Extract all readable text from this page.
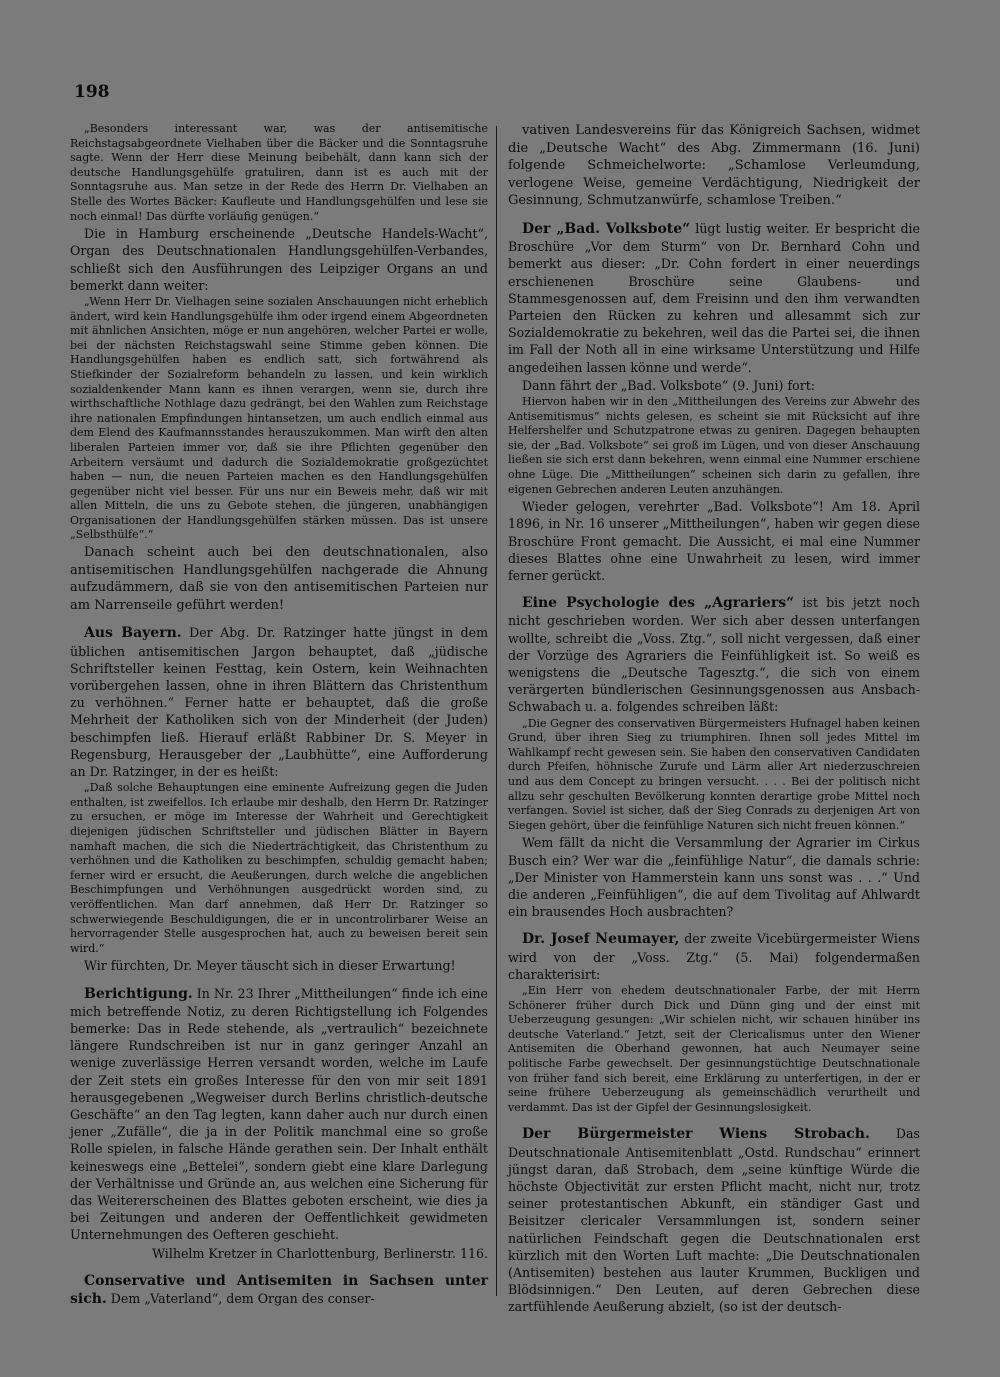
198

„Besonders interessant war, was der antisemitische Reichstagsabgeordnete Vielhaben über die Bäcker und die Sonntagsruhe sagte. Wenn der Herr diese Meinung beibehält, dann kann sich der deutsche Handlungsgehülfe gratuliren, dann ist es auch mit der Sonntagsruhe aus. Man setze in der Rede des Herrn Dr. Vielhaben an Stelle des Wortes Bäcker: Kaufleute und Handlungsgehülfen und lese sie noch einmal! Das dürfte vorläufig genügen.“

Die in Hamburg erscheinende „Deutsche Handels-Wacht“, Organ des Deutschnationalen Handlungsgehülfen-Verbandes, schließt sich den Ausführungen des Leipziger Organs an und bemerkt dann weiter:

„Wenn Herr Dr. Vielhagen seine sozialen Anschauungen nicht erheblich ändert, wird kein Handlungsgehülfe ihm oder irgend einem Abgeordneten mit ähnlichen Ansichten, möge er nun angehören, welcher Partei er wolle, bei der nächsten Reichstagswahl seine Stimme geben können. Die Handlungsgehülfen haben es endlich satt, sich fortwährend als Stiefkinder der Sozialreform behandeln zu lassen, und kein wirklich sozialdenkender Mann kann es ihnen verargen, wenn sie, durch ihre wirthschaftliche Nothlage dazu gedrängt, bei den Wahlen zum Reichstage ihre nationalen Empfindungen hintansetzen, um auch endlich einmal aus dem Elend des Kaufmannsstandes herauszukommen. Man wirft den alten liberalen Parteien immer vor, daß sie ihre Pflichten gegenüber den Arbeitern versäumt und dadurch die Sozialdemokratie großgezüchtet haben — nun, die neuen Parteien machen es den Handlungsgehülfen gegenüber nicht viel besser. Für uns nur ein Beweis mehr, daß wir mit allen Mitteln, die uns zu Gebote stehen, die jüngeren, unabhängigen Organisationen der Handlungsgehülfen stärken müssen. Das ist unsere „Selbsthülfe“.“

Danach scheint auch bei den deutschnationalen, also antisemitischen Handlungsgehülfen nachgerade die Ahnung aufzudämmern, daß sie von den antisemitischen Parteien nur am Narrenseile geführt werden!

Aus Bayern. Der Abg. Dr. Ratzinger hatte jüngst in dem üblichen antisemitischen Jargon behauptet, daß „jüdische Schriftsteller keinen Festtag, kein Ostern, kein Weihnachten vorübergehen lassen, ohne in ihren Blättern das Christenthum zu verhöhnen.“ Ferner hatte er behauptet, daß die große Mehrheit der Katholiken sich von der Minderheit (der Juden) beschimpfen ließ. Hierauf erläßt Rabbiner Dr. S. Meyer in Regensburg, Herausgeber der „Laubhütte“, eine Aufforderung an Dr. Ratzinger, in der es heißt:

„Daß solche Behauptungen eine eminente Aufreizung gegen die Juden enthalten, ist zweifellos. Ich erlaube mir deshalb, den Herrn Dr. Ratzinger zu ersuchen, er möge im Interesse der Wahrheit und Gerechtigkeit diejenigen jüdischen Schriftsteller und jüdischen Blätter in Bayern namhaft machen, die sich die Niederträchtigkeit, das Christenthum zu verhöhnen und die Katholiken zu beschimpfen, schuldig gemacht haben; ferner wird er ersucht, die Aeußerungen, durch welche die angeblichen Beschimpfungen und Verhöhnungen ausgedrückt worden sind, zu veröffentlichen. Man darf annehmen, daß Herr Dr. Ratzinger so schwerwiegende Beschuldigungen, die er in uncontrolirbarer Weise an hervorragender Stelle ausgesprochen hat, auch zu beweisen bereit sein wird.“

Wir fürchten, Dr. Meyer täuscht sich in dieser Erwartung!

Berichtigung. In Nr. 23 Ihrer „Mittheilungen“ finde ich eine mich betreffende Notiz, zu deren Richtigstellung ich Folgendes bemerke: Das in Rede stehende, als „vertraulich“ bezeichnete längere Rundschreiben ist nur in ganz geringer Anzahl an wenige zuverlässige Herren versandt worden, welche im Laufe der Zeit stets ein großes Interesse für den von mir seit 1891 herausgegebenen „Wegweiser durch Berlins christlich-deutsche Geschäfte“ an den Tag legten, kann daher auch nur durch einen jener „Zufälle“, die ja in der Politik manchmal eine so große Rolle spielen, in falsche Hände gerathen sein. Der Inhalt enthält keineswegs eine „Bettelei“, sondern giebt eine klare Darlegung der Verhältnisse und Gründe an, aus welchen eine Sicherung für das Weitererscheinen des Blattes geboten erscheint, wie dies ja bei Zeitungen und anderen der Oeffentlichkeit gewidmeten Unternehmungen des Oefteren geschieht.

Wilhelm Kretzer in Charlottenburg, Berlinerstr. 116.

Conservative und Antisemiten in Sachsen unter sich. Dem „Vaterland“, dem Organ des conser-

vativen Landesvereins für das Königreich Sachsen, widmet die „Deutsche Wacht“ des Abg. Zimmermann (16. Juni) folgende Schmeichelworte: „Schamlose Verleumdung, verlogene Weise, gemeine Verdächtigung, Niedrigkeit der Gesinnung, Schmutzanwürfe, schamlose Treiben.“

Der „Bad. Volksbote“ lügt lustig weiter. Er bespricht die Broschüre „Vor dem Sturm“ von Dr. Bernhard Cohn und bemerkt aus dieser: „Dr. Cohn fordert in einer neuerdings erschienenen Broschüre seine Glaubens- und Stammesgenossen auf, dem Freisinn und den ihm verwandten Parteien den Rücken zu kehren und allesammt sich zur Sozialdemokratie zu bekehren, weil das die Partei sei, die ihnen im Fall der Noth all in eine wirksame Unterstützung und Hilfe angedeihen lassen könne und werde“.

Dann fährt der „Bad. Volksbote“ (9. Juni) fort:

Hiervon haben wir in den „Mittheilungen des Vereins zur Abwehr des Antisemitismus“ nichts gelesen, es scheint sie mit Rücksicht auf ihre Helfershelfer und Schutzpatrone etwas zu geniren. Dagegen behaupten sie, der „Bad. Volksbote“ sei groß im Lügen, und von dieser Anschauung ließen sie sich erst dann bekehren, wenn einmal eine Nummer erschiene ohne Lüge. Die „Mittheilungen“ scheinen sich darin zu gefallen, ihre eigenen Gebrechen anderen Leuten anzuhängen.

Wieder gelogen, verehrter „Bad. Volksbote“! Am 18. April 1896, in Nr. 16 unserer „Mittheilungen“, haben wir gegen diese Broschüre Front gemacht. Die Aussicht, ei mal eine Nummer dieses Blattes ohne eine Unwahrheit zu lesen, wird immer ferner gerückt.

Eine Psychologie des „Agrariers“ ist bis jetzt noch nicht geschrieben worden. Wer sich aber dessen unterfangen wollte, schreibt die „Voss. Ztg.“, soll nicht vergessen, daß einer der Vorzüge des Agrariers die Feinfühligkeit ist. So weiß es wenigstens die „Deutsche Tagesztg.“, die sich von einem verärgerten bündlerischen Gesinnungsgenossen aus Ansbach-Schwabach u. a. folgendes schreiben läßt:

„Die Gegner des conservativen Bürgermeisters Hufnagel haben keinen Grund, über ihren Sieg zu triumphiren. Ihnen soll jedes Mittel im Wahlkampf recht gewesen sein. Sie haben den conservativen Candidaten durch Pfeifen, höhnische Zurufe und Lärm aller Art niederzuschreien und aus dem Concept zu bringen versucht. . . . Bei der politisch nicht allzu sehr geschulten Bevölkerung konnten derartige grobe Mittel noch verfangen. Soviel ist sicher, daß der Sieg Conrads zu derjenigen Art von Siegen gehört, über die feinfühlige Naturen sich nicht freuen können.“

Wem fällt da nicht die Versammlung der Agrarier im Cirkus Busch ein? Wer war die „feinfühlige Natur“, die damals schrie: „Der Minister von Hammerstein kann uns sonst was . . .“ Und die anderen „Feinfühligen“, die auf dem Tivolitag auf Ahlwardt ein brausendes Hoch ausbrachten?

Dr. Josef Neumayer, der zweite Vicebürgermeister Wiens wird von der „Voss. Ztg.“ (5. Mai) folgendermaßen charakterisirt:

„Ein Herr von ehedem deutschnationaler Farbe, der mit Herrn Schönerer früher durch Dick und Dünn ging und der einst mit Ueberzeugung gesungen: „Wir schielen nicht, wir schauen hinüber ins deutsche Vaterland.“ Jetzt, seit der Clericalismus unter den Wiener Antisemiten die Oberhand gewonnen, hat auch Neumayer seine politische Farbe gewechselt. Der gesinnungstüchtige Deutschnationale von früher fand sich bereit, eine Erklärung zu unterfertigen, in der er seine frühere Ueberzeugung als gemeinschädlich verurtheilt und verdammt. Das ist der Gipfel der Gesinnungslosigkeit.

Der Bürgermeister Wiens Strobach. Das Deutschnationale Antisemitenblatt „Ostd. Rundschau“ erinnert jüngst daran, daß Strobach, dem „seine künftige Würde die höchste Objectivität zur ersten Pflicht macht, nicht nur, trotz seiner protestantischen Abkunft, ein ständiger Gast und Beisitzer clericaler Versammlungen ist, sondern seiner natürlichen Feindschaft gegen die Deutschnationalen erst kürzlich mit den Worten Luft machte: „Die Deutschnationalen (Antisemiten) bestehen aus lauter Krummen, Buckligen und Blödsinnigen.“ Den Leuten, auf deren Gebrechen diese zartfühlende Aeußerung abzielt, (so ist der deutsch-
